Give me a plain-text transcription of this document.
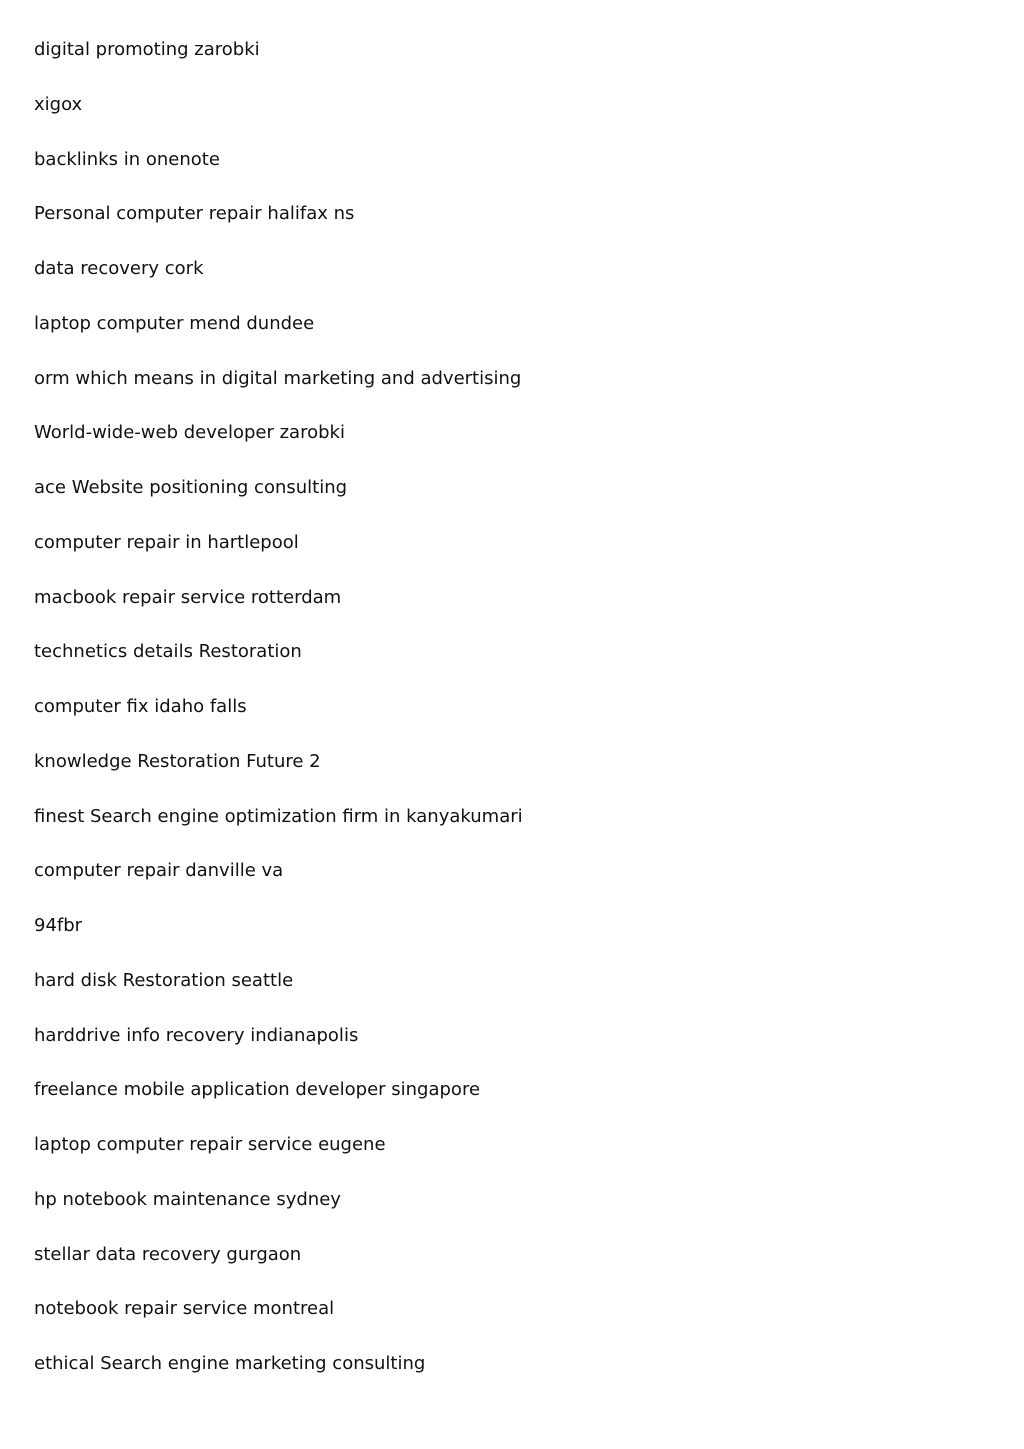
digital promoting zarobki
xigox
backlinks in onenote
Personal computer repair halifax ns
data recovery cork
laptop computer mend dundee
orm which means in digital marketing and advertising
World-wide-web developer zarobki
ace Website positioning consulting
computer repair in hartlepool
macbook repair service rotterdam
technetics details Restoration
computer fix idaho falls
knowledge Restoration Future 2
finest Search engine optimization firm in kanyakumari
computer repair danville va
94fbr
hard disk Restoration seattle
harddrive info recovery indianapolis
freelance mobile application developer singapore
laptop computer repair service eugene
hp notebook maintenance sydney
stellar data recovery gurgaon
notebook repair service montreal
ethical Search engine marketing consulting
